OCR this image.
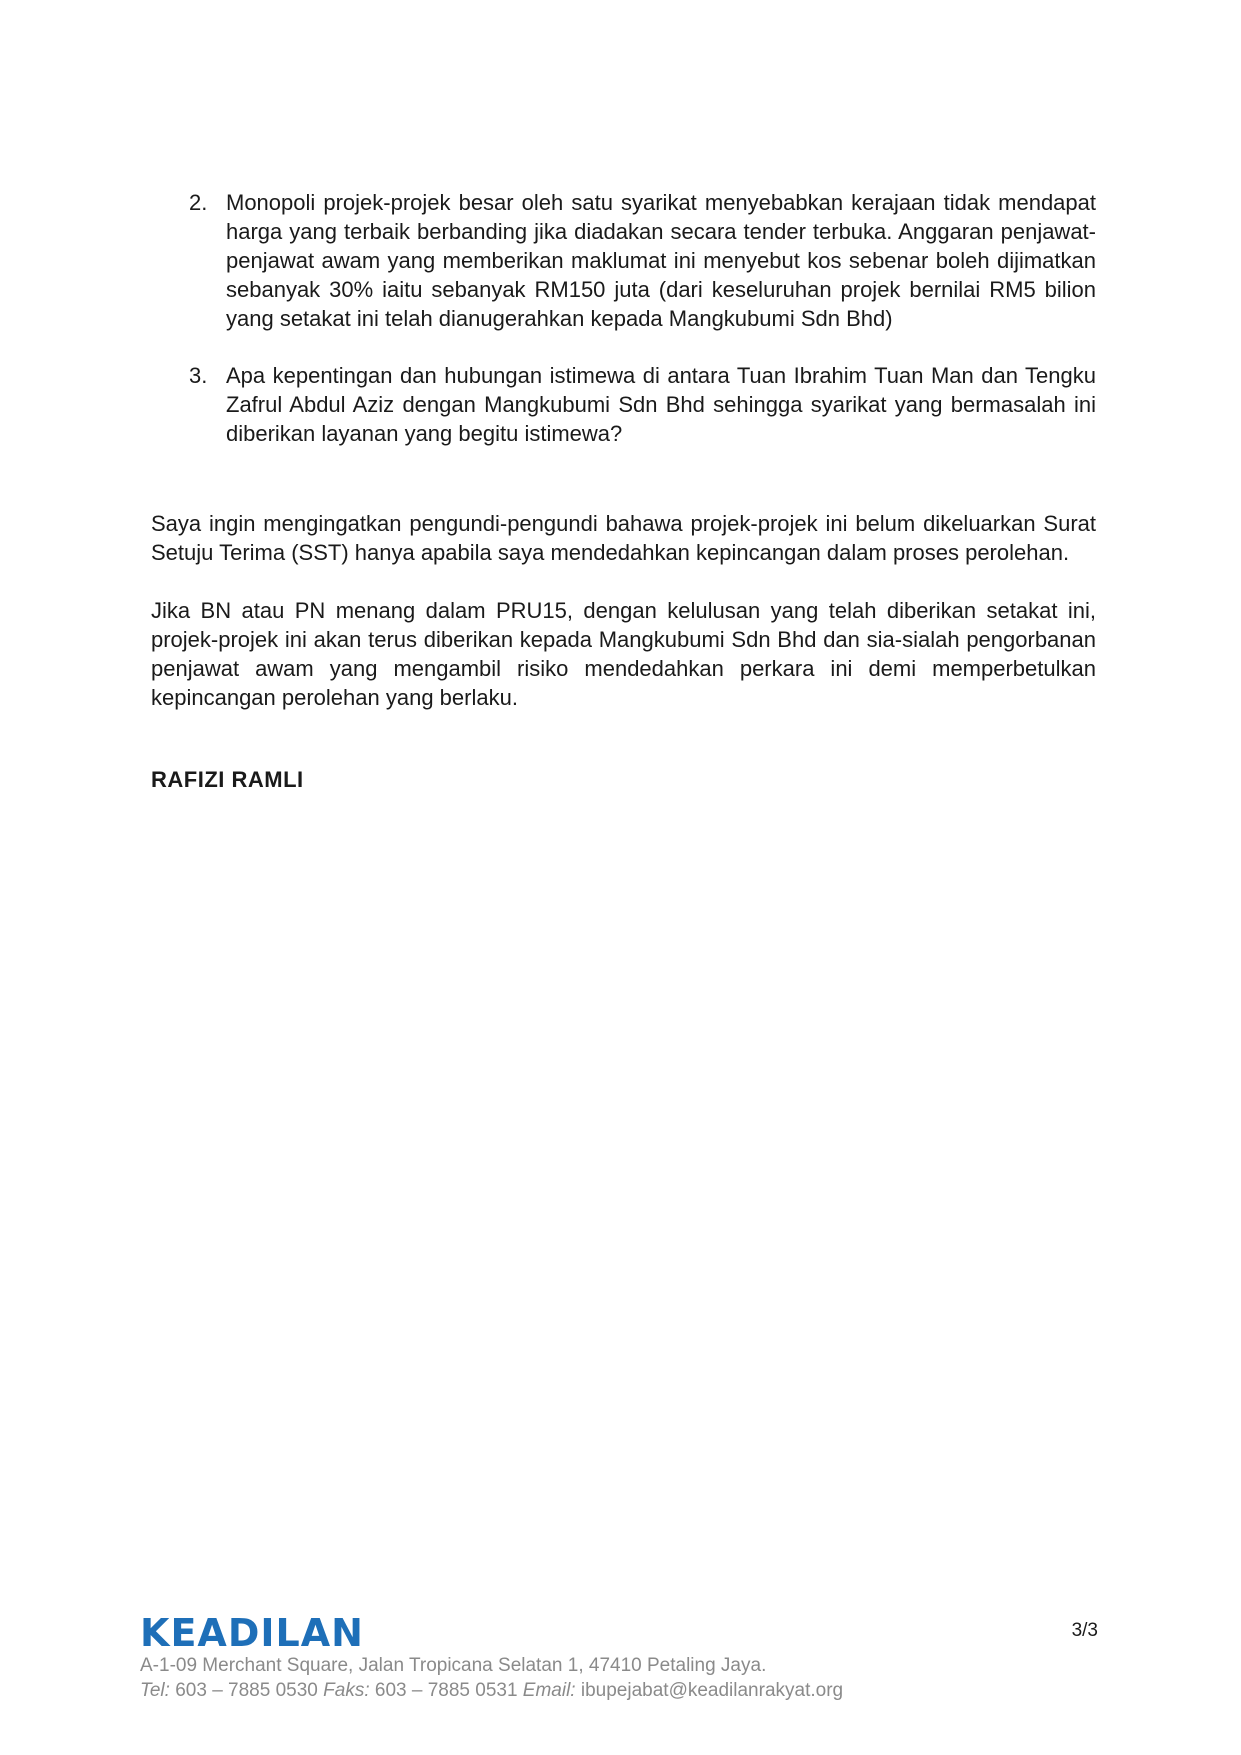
2. Monopoli projek-projek besar oleh satu syarikat menyebabkan kerajaan tidak mendapat harga yang terbaik berbanding jika diadakan secara tender terbuka. Anggaran penjawat-penjawat awam yang memberikan maklumat ini menyebut kos sebenar boleh dijimatkan sebanyak 30% iaitu sebanyak RM150 juta (dari keseluruhan projek bernilai RM5 bilion yang setakat ini telah dianugerahkan kepada Mangkubumi Sdn Bhd)
3. Apa kepentingan dan hubungan istimewa di antara Tuan Ibrahim Tuan Man dan Tengku Zafrul Abdul Aziz dengan Mangkubumi Sdn Bhd sehingga syarikat yang bermasalah ini diberikan layanan yang begitu istimewa?

Saya ingin mengingatkan pengundi-pengundi bahawa projek-projek ini belum dikeluarkan Surat Setuju Terima (SST) hanya apabila saya mendedahkan kepincangan dalam proses perolehan.

Jika BN atau PN menang dalam PRU15, dengan kelulusan yang telah diberikan setakat ini, projek-projek ini akan terus diberikan kepada Mangkubumi Sdn Bhd dan sia-sialah pengorbanan penjawat awam yang mengambil risiko mendedahkan perkara ini demi memperbetulkan kepincangan perolehan yang berlaku.

RAFIZI RAMLI
3/3
KEADILAN
A-1-09 Merchant Square, Jalan Tropicana Selatan 1, 47410 Petaling Jaya.
Tel: 603 – 7885 0530 Faks: 603 – 7885 0531 Email: ibupejabat@keadilanrakyat.org
